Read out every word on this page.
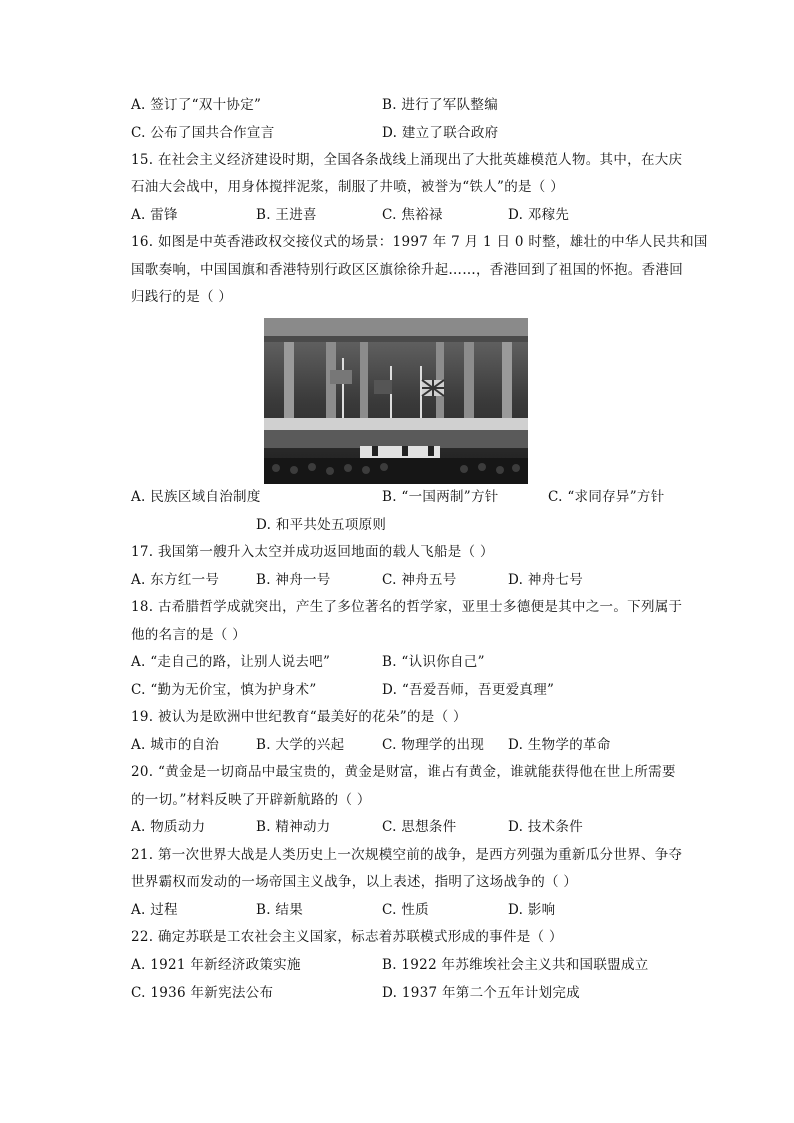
A. 签订了“双十协定”	B. 进行了军队整编
C. 公布了国共合作宣言	D. 建立了联合政府
15. 在社会主义经济建设时期，全国各条战线上涌现出了大批英雄模范人物。其中，在大庆
石油大会战中，用身体搅拌泥浆，制服了井喷，被誉为“铁人”的是（ ）
A. 雷锋	B. 王进喜	C. 焦裕禄	D. 邓稼先
16. 如图是中英香港政权交接仪式的场景：1997 年 7 月 1 日 0 时整，雄壮的中华人民共和国
国歌奏响，中国国旗和香港特别行政区区旗徐徐升起……，香港回到了祖国的怀抱。香港回
归践行的是（ ）
A. 民族区域自治制度	B. “一国两制”方针	C. “求同存异”方针
D. 和平共处五项原则
17. 我国第一艘升入太空并成功返回地面的载人飞船是（ ）
A. 东方红一号	B. 神舟一号	C. 神舟五号	D. 神舟七号
18. 古希腊哲学成就突出，产生了多位著名的哲学家，亚里士多德便是其中之一。下列属于
他的名言的是（ ）
A. “走自己的路，让别人说去吧”	B. “认识你自己”
C. “勤为无价宝，慎为护身术”	D. “吾爱吾师，吾更爱真理”
19. 被认为是欧洲中世纪教育“最美好的花朵”的是（ ）
A. 城市的自治	B. 大学的兴起	C. 物理学的出现 D. 生物学的革命
20. “黄金是一切商品中最宝贵的，黄金是财富，谁占有黄金，谁就能获得他在世上所需要
的一切。”材料反映了开辟新航路的（ ）
A. 物质动力	B. 精神动力	C. 思想条件	D. 技术条件
21. 第一次世界大战是人类历史上一次规模空前的战争，是西方列强为重新瓜分世界、争夺
世界霸权而发动的一场帝国主义战争，以上表述，指明了这场战争的（ ）
A. 过程	B. 结果	C. 性质	D. 影响
22. 确定苏联是工农社会主义国家，标志着苏联模式形成的事件是（ ）
A. 1921 年新经济政策实施	B. 1922 年苏维埃社会主义共和国联盟成立
C. 1936 年新宪法公布	D. 1937 年第二个五年计划完成
